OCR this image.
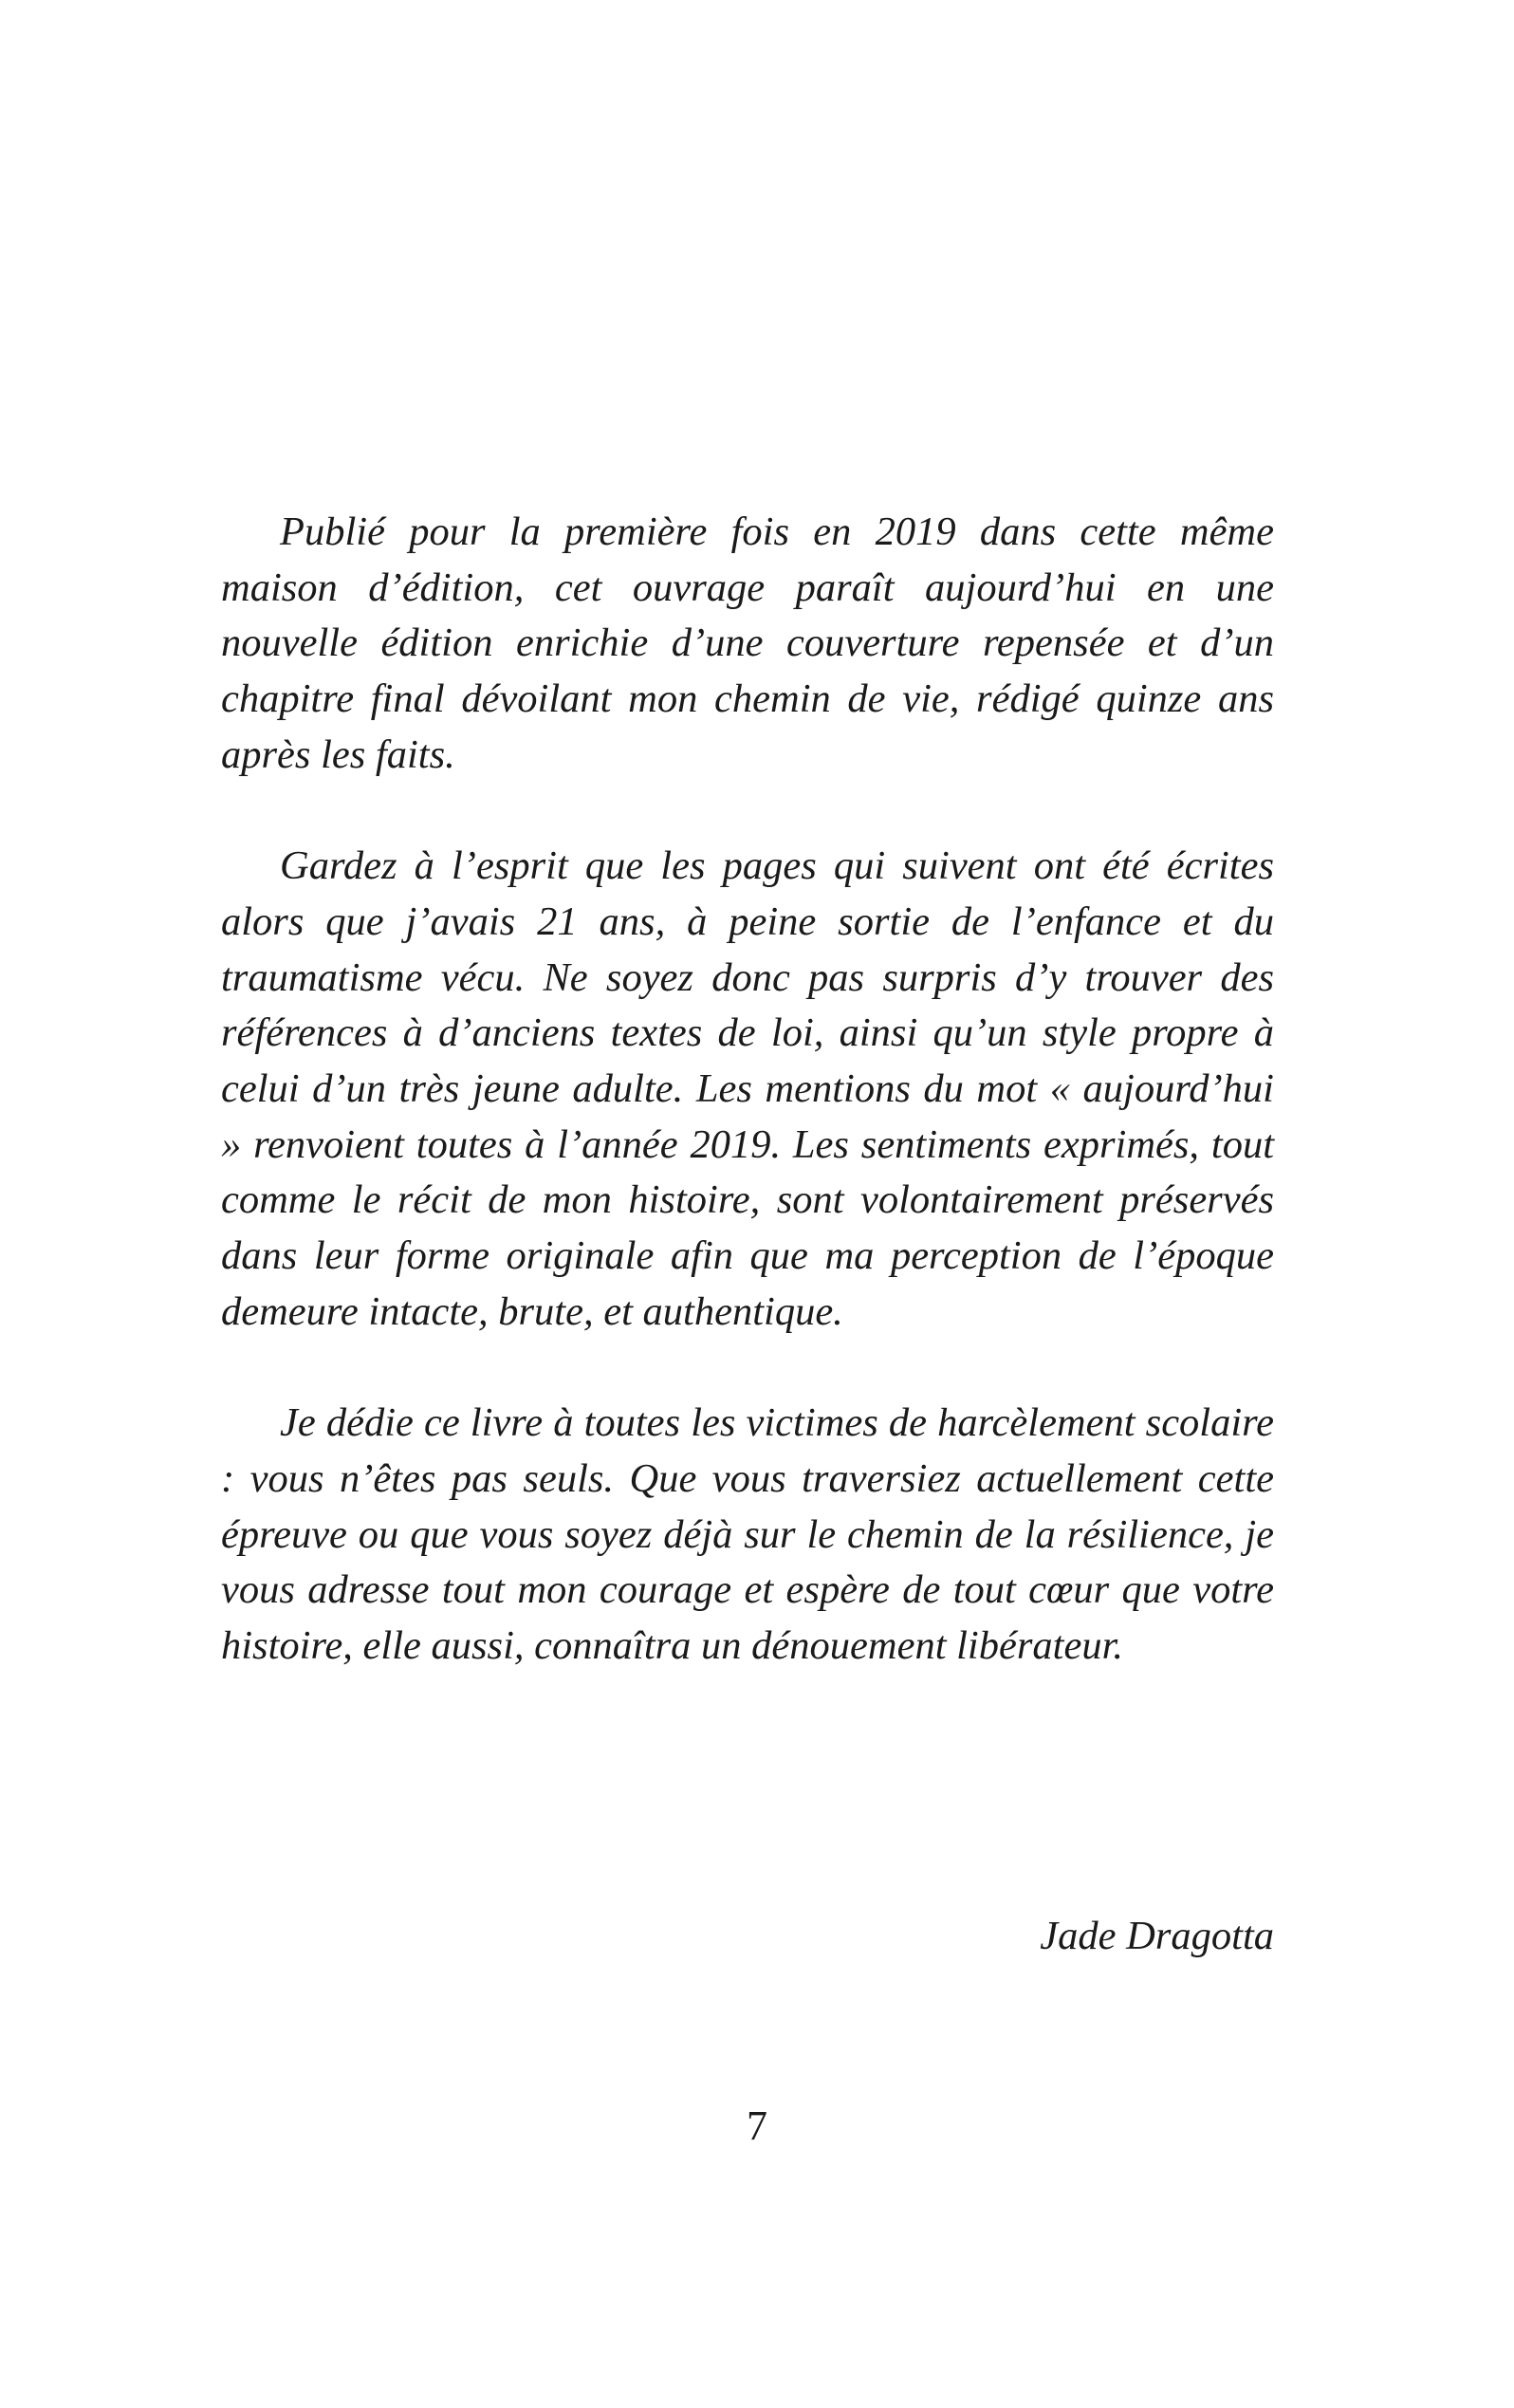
Publié pour la première fois en 2019 dans cette même maison d’édition, cet ouvrage paraît aujourd’hui en une nouvelle édition enrichie d’une couverture repensée et d’un chapitre final dévoilant mon chemin de vie, rédigé quinze ans après les faits.

Gardez à l’esprit que les pages qui suivent ont été écrites alors que j’avais 21 ans, à peine sortie de l’enfance et du traumatisme vécu. Ne soyez donc pas surpris d’y trouver des références à d’anciens textes de loi, ainsi qu’un style propre à celui d’un très jeune adulte. Les mentions du mot « aujourd’hui » renvoient toutes à l’année 2019. Les sentiments exprimés, tout comme le récit de mon histoire, sont volontairement préservés dans leur forme originale afin que ma perception de l’époque demeure intacte, brute, et authentique.

Je dédie ce livre à toutes les victimes de harcèlement scolaire : vous n’êtes pas seuls. Que vous traversiez actuellement cette épreuve ou que vous soyez déjà sur le chemin de la résilience, je vous adresse tout mon courage et espère de tout cœur que votre histoire, elle aussi, connaîtra un dénouement libérateur.

Jade Dragotta
7
